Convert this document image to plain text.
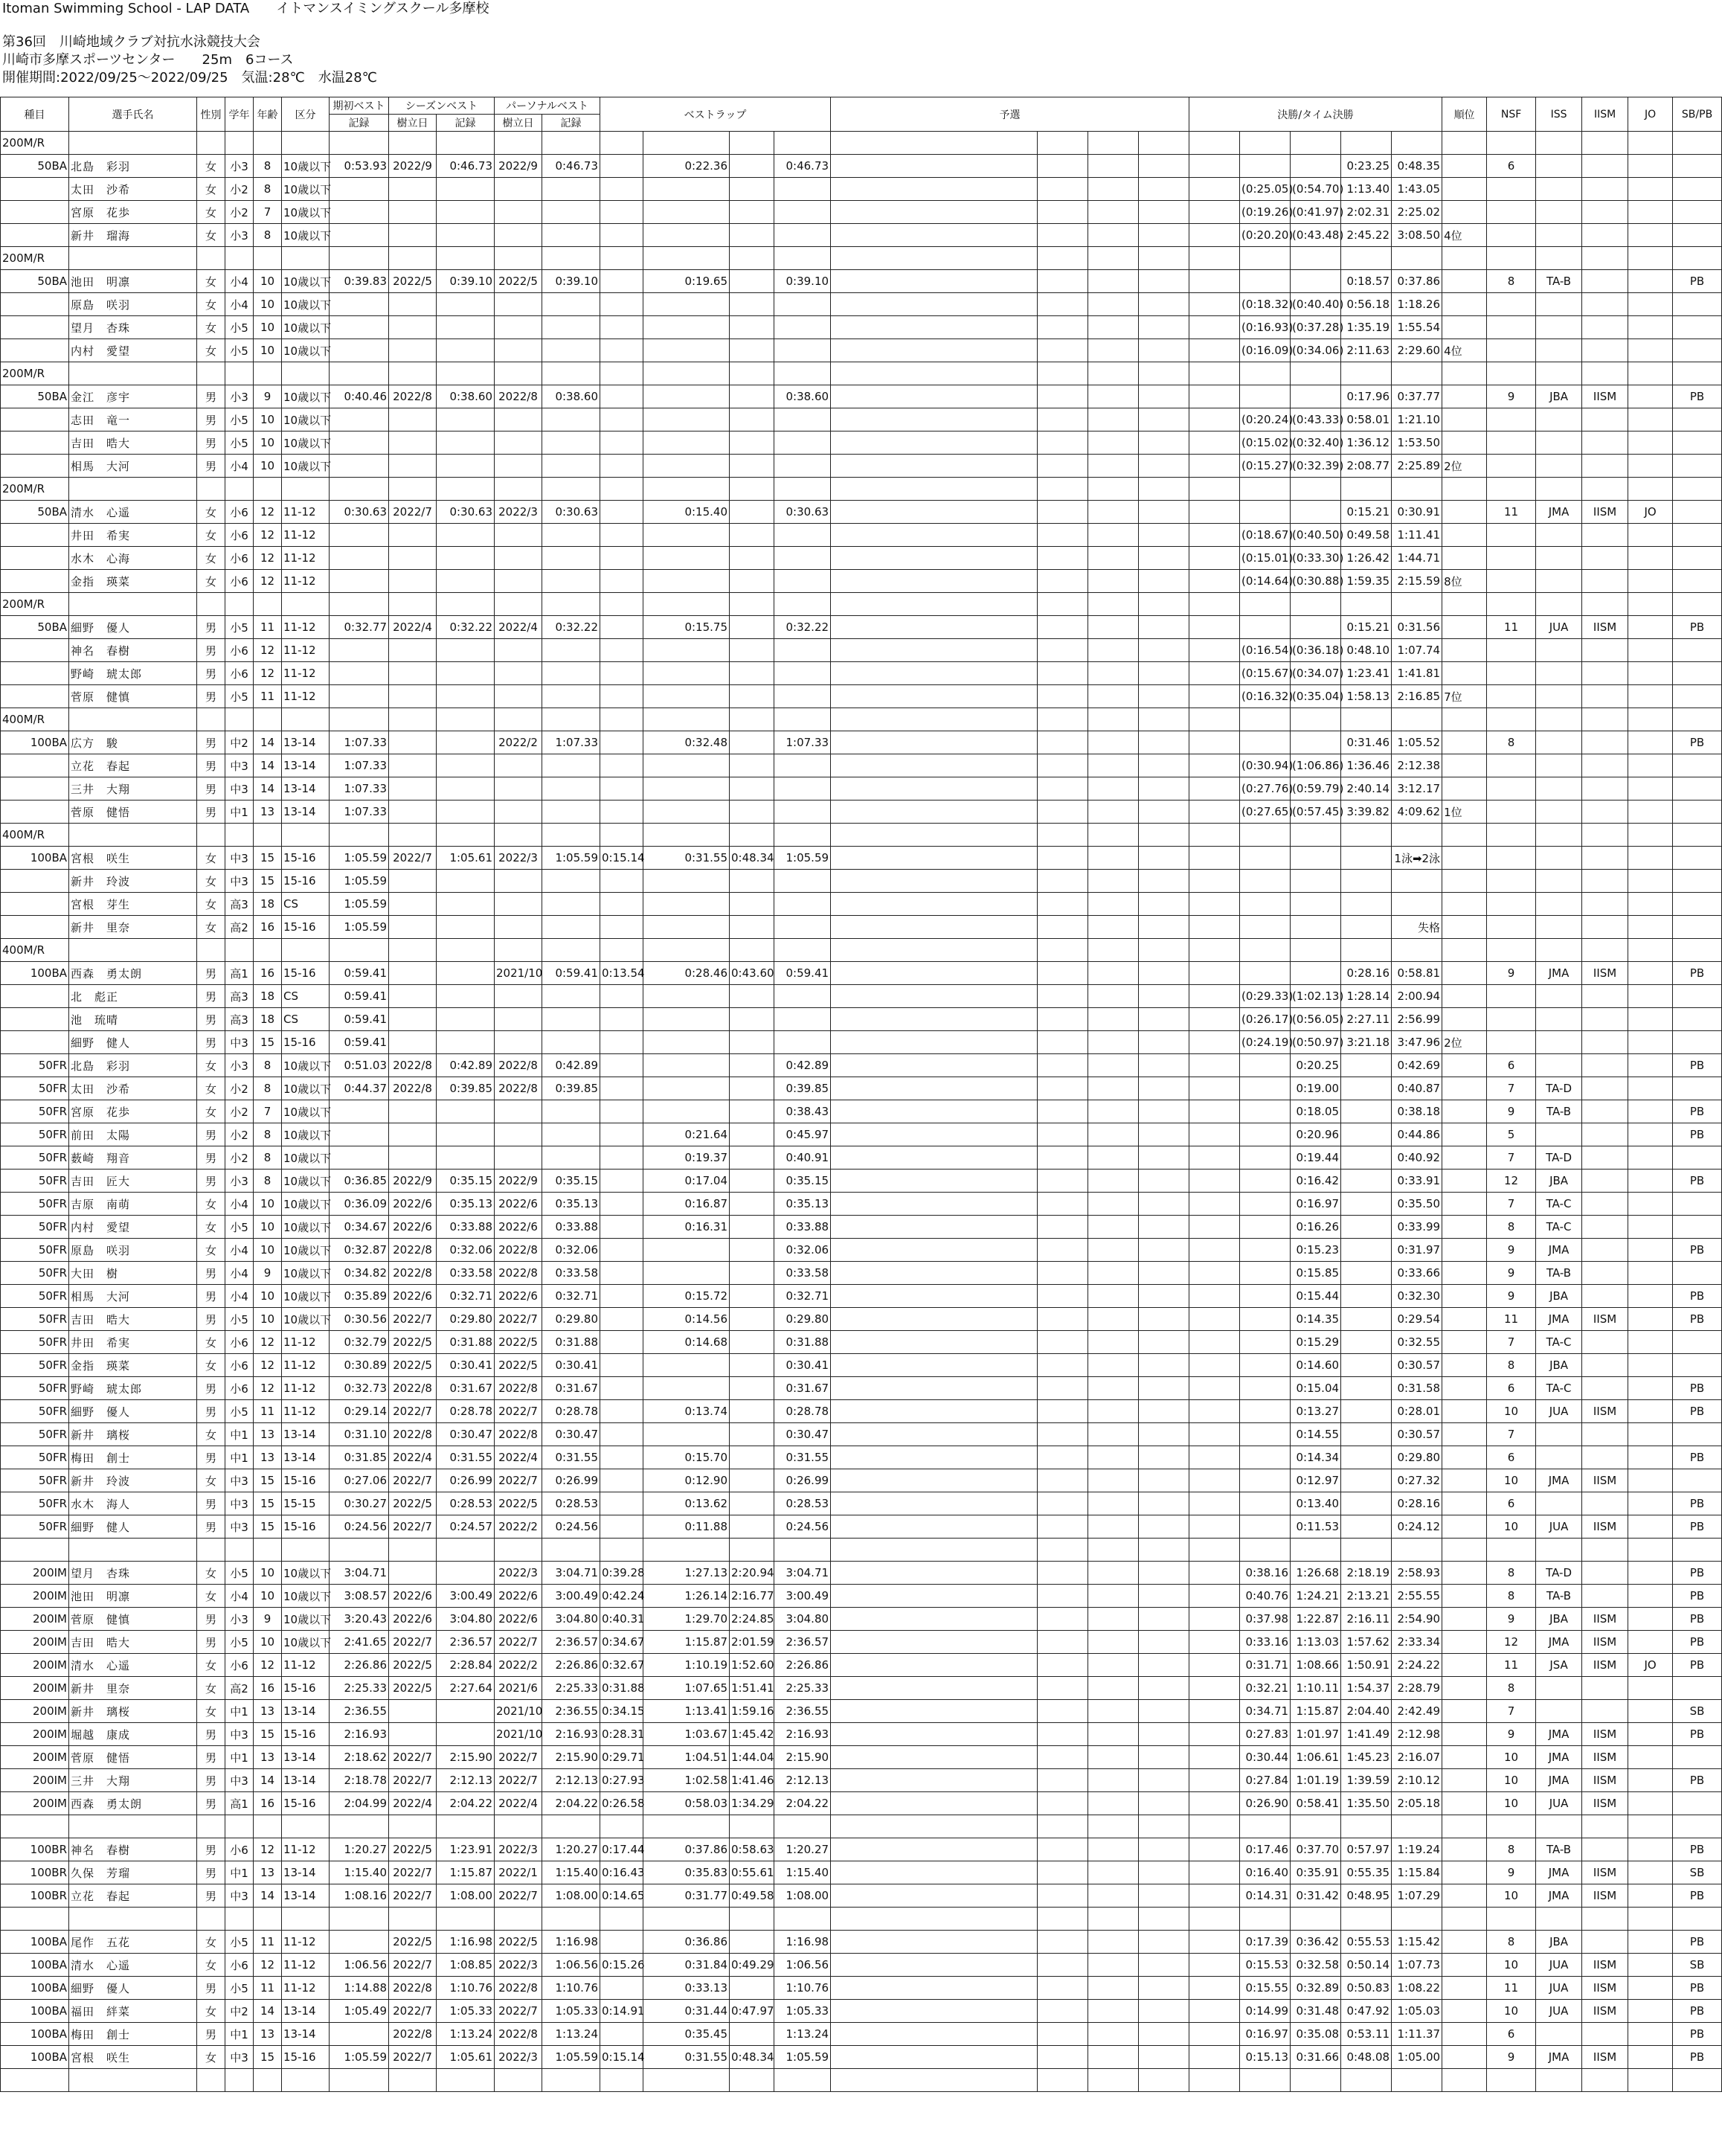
Itoman Swimming School - LAP DATA　　イトマンスイミングスクール多摩校
第36回　川崎地域クラブ対抗水泳競技大会
川崎市多摩スポーツセンター　　25m　6コース
開催期間:2022/09/25～2022/09/25　気温:28℃　水温28℃
種目	選手氏名	性別	学年	年齢	区分	期初ベスト	シーズンベスト		パーソナルベスト		ベストラップ				予選				決勝/タイム決勝					順位	NSF	ISS	IISM	JO	SB/PB
						記録	樹立日	記録	樹立日	記録																			
200M/R																													
50BA	北島　彩羽	女	小3	8	10歳以下	0:53.93	2022/9	0:46.73	2022/9	0:46.73		0:22.36		0:46.73								0:23.25	0:48.35		6				
	太田　沙希	女	小2	8	10歳以下															(0:25.05)	(0:54.70)	1:13.40	1:43.05						
	宮原　花歩	女	小2	7	10歳以下															(0:19.26)	(0:41.97)	2:02.31	2:25.02						
	新井　瑠海	女	小3	8	10歳以下															(0:20.20)	(0:43.48)	2:45.22	3:08.50	4位					
200M/R																													
50BA	池田　明凛	女	小4	10	10歳以下	0:39.83	2022/5	0:39.10	2022/5	0:39.10		0:19.65		0:39.10								0:18.57	0:37.86		8	TA-B			PB
	原島　咲羽	女	小4	10	10歳以下															(0:18.32)	(0:40.40)	0:56.18	1:18.26						
	望月　杏珠	女	小5	10	10歳以下															(0:16.93)	(0:37.28)	1:35.19	1:55.54						
	内村　愛望	女	小5	10	10歳以下															(0:16.09)	(0:34.06)	2:11.63	2:29.60	4位					
200M/R																													
50BA	金江　彦宇	男	小3	9	10歳以下	0:40.46	2022/8	0:38.60	2022/8	0:38.60				0:38.60								0:17.96	0:37.77		9	JBA	IISM		PB
	志田　竜一	男	小5	10	10歳以下															(0:20.24)	(0:43.33)	0:58.01	1:21.10						
	吉田　晧大	男	小5	10	10歳以下															(0:15.02)	(0:32.40)	1:36.12	1:53.50						
	相馬　大河	男	小4	10	10歳以下															(0:15.27)	(0:32.39)	2:08.77	2:25.89	2位					
200M/R																													
50BA	清水　心遥	女	小6	12	11-12	0:30.63	2022/7	0:30.63	2022/3	0:30.63		0:15.40		0:30.63								0:15.21	0:30.91		11	JMA	IISM	JO	
	井田　希実	女	小6	12	11-12															(0:18.67)	(0:40.50)	0:49.58	1:11.41						
	水木　心海	女	小6	12	11-12															(0:15.01)	(0:33.30)	1:26.42	1:44.71						
	金指　瑛菜	女	小6	12	11-12															(0:14.64)	(0:30.88)	1:59.35	2:15.59	8位					
200M/R																													
50BA	細野　優人	男	小5	11	11-12	0:32.77	2022/4	0:32.22	2022/4	0:32.22		0:15.75		0:32.22								0:15.21	0:31.56		11	JUA	IISM		PB
	神名　春樹	男	小6	12	11-12															(0:16.54)	(0:36.18)	0:48.10	1:07.74						
	野崎　琥太郎	男	小6	12	11-12															(0:15.67)	(0:34.07)	1:23.41	1:41.81						
	菅原　健慎	男	小5	11	11-12															(0:16.32)	(0:35.04)	1:58.13	2:16.85	7位					
400M/R																													
100BA	広方　駿	男	中2	14	13-14	1:07.33			2022/2	1:07.33		0:32.48		1:07.33								0:31.46	1:05.52		8				PB
	立花　春起	男	中3	14	13-14	1:07.33														(0:30.94)	(1:06.86)	1:36.46	2:12.38						
	三井　大翔	男	中3	14	13-14	1:07.33														(0:27.76)	(0:59.79)	2:40.14	3:12.17						
	菅原　健悟	男	中1	13	13-14	1:07.33														(0:27.65)	(0:57.45)	3:39.82	4:09.62	1位					
400M/R																													
100BA	宮根　咲生	女	中3	15	15-16	1:05.59	2022/7	1:05.61	2022/3	1:05.59	0:15.14	0:31.55	0:48.34	1:05.59									1泳➡2泳						
	新井　玲波	女	中3	15	15-16	1:05.59																							
	宮根　芽生	女	高3	18	CS	1:05.59																							
	新井　里奈	女	高2	16	15-16	1:05.59																	失格						
400M/R																													
100BA	西森　勇太朗	男	高1	16	15-16	0:59.41			2021/10	0:59.41	0:13.54	0:28.46	0:43.60	0:59.41								0:28.16	0:58.81		9	JMA	IISM		PB
	北　彪正	男	高3	18	CS	0:59.41														(0:29.33)	(1:02.13)	1:28.14	2:00.94						
	池　琉晴	男	高3	18	CS	0:59.41														(0:26.17)	(0:56.05)	2:27.11	2:56.99						
	細野　健人	男	中3	15	15-16	0:59.41														(0:24.19)	(0:50.97)	3:21.18	3:47.96	2位					
50FR	北島　彩羽	女	小3	8	10歳以下	0:51.03	2022/8	0:42.89	2022/8	0:42.89				0:42.89							0:20.25		0:42.69		6				PB
50FR	太田　沙希	女	小2	8	10歳以下	0:44.37	2022/8	0:39.85	2022/8	0:39.85				0:39.85							0:19.00		0:40.87		7	TA-D			
50FR	宮原　花歩	女	小2	7	10歳以下									0:38.43							0:18.05		0:38.18		9	TA-B			PB
50FR	前田　太陽	男	小2	8	10歳以下							0:21.64		0:45.97							0:20.96		0:44.86		5				PB
50FR	薮崎　翔音	男	小2	8	10歳以下							0:19.37		0:40.91							0:19.44		0:40.92		7	TA-D			
50FR	吉田　匠大	男	小3	8	10歳以下	0:36.85	2022/9	0:35.15	2022/9	0:35.15		0:17.04		0:35.15							0:16.42		0:33.91		12	JBA			PB
50FR	吉原　南萌	女	小4	10	10歳以下	0:36.09	2022/6	0:35.13	2022/6	0:35.13		0:16.87		0:35.13							0:16.97		0:35.50		7	TA-C			
50FR	内村　愛望	女	小5	10	10歳以下	0:34.67	2022/6	0:33.88	2022/6	0:33.88		0:16.31		0:33.88							0:16.26		0:33.99		8	TA-C			
50FR	原島　咲羽	女	小4	10	10歳以下	0:32.87	2022/8	0:32.06	2022/8	0:32.06				0:32.06							0:15.23		0:31.97		9	JMA			PB
50FR	大田　樹	男	小4	9	10歳以下	0:34.82	2022/8	0:33.58	2022/8	0:33.58				0:33.58							0:15.85		0:33.66		9	TA-B			
50FR	相馬　大河	男	小4	10	10歳以下	0:35.89	2022/6	0:32.71	2022/6	0:32.71		0:15.72		0:32.71							0:15.44		0:32.30		9	JBA			PB
50FR	吉田　晧大	男	小5	10	10歳以下	0:30.56	2022/7	0:29.80	2022/7	0:29.80		0:14.56		0:29.80							0:14.35		0:29.54		11	JMA	IISM		PB
50FR	井田　希実	女	小6	12	11-12	0:32.79	2022/5	0:31.88	2022/5	0:31.88		0:14.68		0:31.88							0:15.29		0:32.55		7	TA-C			
50FR	金指　瑛菜	女	小6	12	11-12	0:30.89	2022/5	0:30.41	2022/5	0:30.41				0:30.41							0:14.60		0:30.57		8	JBA			
50FR	野崎　琥太郎	男	小6	12	11-12	0:32.73	2022/8	0:31.67	2022/8	0:31.67				0:31.67							0:15.04		0:31.58		6	TA-C			PB
50FR	細野　優人	男	小5	11	11-12	0:29.14	2022/7	0:28.78	2022/7	0:28.78		0:13.74		0:28.78							0:13.27		0:28.01		10	JUA	IISM		PB
50FR	新井　璃桜	女	中1	13	13-14	0:31.10	2022/8	0:30.47	2022/8	0:30.47				0:30.47							0:14.55		0:30.57		7				
50FR	梅田　創士	男	中1	13	13-14	0:31.85	2022/4	0:31.55	2022/4	0:31.55		0:15.70		0:31.55							0:14.34		0:29.80		6				PB
50FR	新井　玲波	女	中3	15	15-16	0:27.06	2022/7	0:26.99	2022/7	0:26.99		0:12.90		0:26.99							0:12.97		0:27.32		10	JMA	IISM		
50FR	水木　海人	男	中3	15	15-15	0:30.27	2022/5	0:28.53	2022/5	0:28.53		0:13.62		0:28.53							0:13.40		0:28.16		6				PB
50FR	細野　健人	男	中3	15	15-16	0:24.56	2022/7	0:24.57	2022/2	0:24.56		0:11.88		0:24.56							0:11.53		0:24.12		10	JUA	IISM		PB

200IM	望月　杏珠	女	小5	10	10歳以下	3:04.71			2022/3	3:04.71	0:39.28	1:27.13	2:20.94	3:04.71						0:38.16	1:26.68	2:18.19	2:58.93		8	TA-D			PB
200IM	池田　明凛	女	小4	10	10歳以下	3:08.57	2022/6	3:00.49	2022/6	3:00.49	0:42.24	1:26.14	2:16.77	3:00.49						0:40.76	1:24.21	2:13.21	2:55.55		8	TA-B			PB
200IM	菅原　健慎	男	小3	9	10歳以下	3:20.43	2022/6	3:04.80	2022/6	3:04.80	0:40.31	1:29.70	2:24.85	3:04.80						0:37.98	1:22.87	2:16.11	2:54.90		9	JBA	IISM		PB
200IM	吉田　晧大	男	小5	10	10歳以下	2:41.65	2022/7	2:36.57	2022/7	2:36.57	0:34.67	1:15.87	2:01.59	2:36.57						0:33.16	1:13.03	1:57.62	2:33.34		12	JMA	IISM		PB
200IM	清水　心遥	女	小6	12	11-12	2:26.86	2022/5	2:28.84	2022/2	2:26.86	0:32.67	1:10.19	1:52.60	2:26.86						0:31.71	1:08.66	1:50.91	2:24.22		11	JSA	IISM	JO	PB
200IM	新井　里奈	女	高2	16	15-16	2:25.33	2022/5	2:27.64	2021/6	2:25.33	0:31.88	1:07.65	1:51.41	2:25.33						0:32.21	1:10.11	1:54.37	2:28.79		8				
200IM	新井　璃桜	女	中1	13	13-14	2:36.55			2021/10	2:36.55	0:34.15	1:13.41	1:59.16	2:36.55						0:34.71	1:15.87	2:04.40	2:42.49		7				SB
200IM	堀越　康成	男	中3	15	15-16	2:16.93			2021/10	2:16.93	0:28.31	1:03.67	1:45.42	2:16.93						0:27.83	1:01.97	1:41.49	2:12.98		9	JMA	IISM		PB
200IM	菅原　健悟	男	中1	13	13-14	2:18.62	2022/7	2:15.90	2022/7	2:15.90	0:29.71	1:04.51	1:44.04	2:15.90						0:30.44	1:06.61	1:45.23	2:16.07		10	JMA	IISM		
200IM	三井　大翔	男	中3	14	13-14	2:18.78	2022/7	2:12.13	2022/7	2:12.13	0:27.93	1:02.58	1:41.46	2:12.13						0:27.84	1:01.19	1:39.59	2:10.12		10	JMA	IISM		PB
200IM	西森　勇太朗	男	高1	16	15-16	2:04.99	2022/4	2:04.22	2022/4	2:04.22	0:26.58	0:58.03	1:34.29	2:04.22						0:26.90	0:58.41	1:35.50	2:05.18		10	JUA	IISM		

100BR	神名　春樹	男	小6	12	11-12	1:20.27	2022/5	1:23.91	2022/3	1:20.27	0:17.44	0:37.86	0:58.63	1:20.27						0:17.46	0:37.70	0:57.97	1:19.24		8	TA-B			PB
100BR	久保　芳瑠	男	中1	13	13-14	1:15.40	2022/7	1:15.87	2022/1	1:15.40	0:16.43	0:35.83	0:55.61	1:15.40						0:16.40	0:35.91	0:55.35	1:15.84		9	JMA	IISM		SB
100BR	立花　春起	男	中3	14	13-14	1:08.16	2022/7	1:08.00	2022/7	1:08.00	0:14.65	0:31.77	0:49.58	1:08.00						0:14.31	0:31.42	0:48.95	1:07.29		10	JMA	IISM		PB

100BA	尾作　五花	女	小5	11	11-12		2022/5	1:16.98	2022/5	1:16.98		0:36.86		1:16.98						0:17.39	0:36.42	0:55.53	1:15.42		8	JBA			PB
100BA	清水　心遥	女	小6	12	11-12	1:06.56	2022/7	1:08.85	2022/3	1:06.56	0:15.26	0:31.84	0:49.29	1:06.56						0:15.53	0:32.58	0:50.14	1:07.73		10	JUA	IISM		SB
100BA	細野　優人	男	小5	11	11-12	1:14.88	2022/8	1:10.76	2022/8	1:10.76		0:33.13		1:10.76						0:15.55	0:32.89	0:50.83	1:08.22		11	JUA	IISM		PB
100BA	福田　絆菜	女	中2	14	13-14	1:05.49	2022/7	1:05.33	2022/7	1:05.33	0:14.91	0:31.44	0:47.97	1:05.33						0:14.99	0:31.48	0:47.92	1:05.03		10	JUA	IISM		PB
100BA	梅田　創士	男	中1	13	13-14		2022/8	1:13.24	2022/8	1:13.24		0:35.45		1:13.24						0:16.97	0:35.08	0:53.11	1:11.37		6				PB
100BA	宮根　咲生	女	中3	15	15-16	1:05.59	2022/7	1:05.61	2022/3	1:05.59	0:15.14	0:31.55	0:48.34	1:05.59						0:15.13	0:31.66	0:48.08	1:05.00		9	JMA	IISM		PB
